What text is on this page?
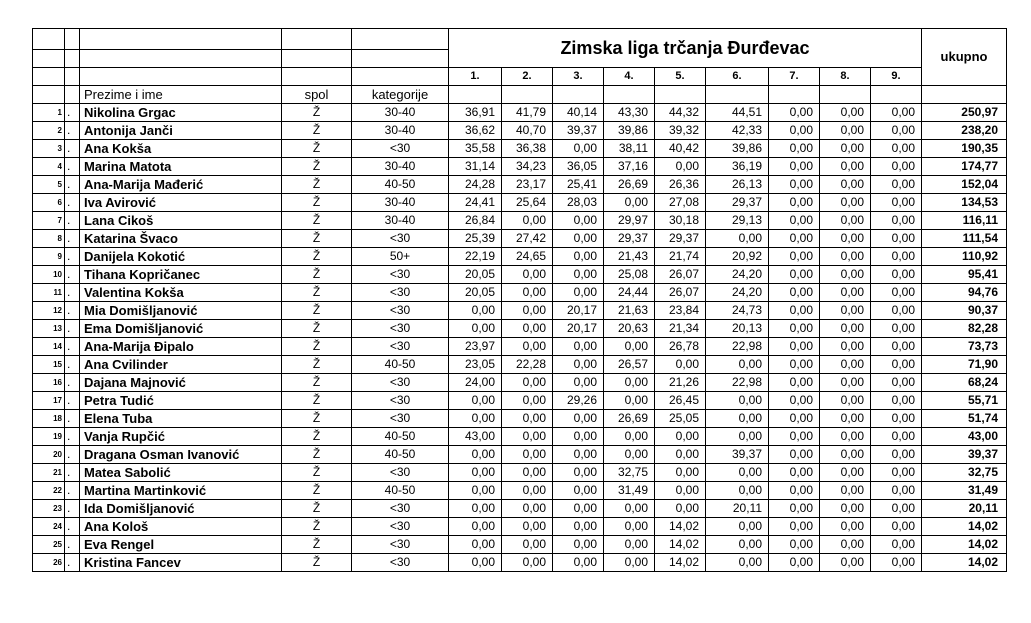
					Zimska liga trčanja Đurđevac									ukupno

					1.	2.	3.	4.	5.	6.	7.	8.	9.	
		Prezime i ime	spol	kategorije										
1	.	Nikolina Grgac	Ž	30-40	36,91	41,79	40,14	43,30	44,32	44,51	0,00	0,00	0,00	250,97
2	.	Antonija Janči	Ž	30-40	36,62	40,70	39,37	39,86	39,32	42,33	0,00	0,00	0,00	238,20
3	.	Ana Kokša	Ž	<30	35,58	36,38	0,00	38,11	40,42	39,86	0,00	0,00	0,00	190,35
4	.	Marina Matota	Ž	30-40	31,14	34,23	36,05	37,16	0,00	36,19	0,00	0,00	0,00	174,77
5	.	Ana-Marija Mađerić	Ž	40-50	24,28	23,17	25,41	26,69	26,36	26,13	0,00	0,00	0,00	152,04
6	.	Iva Avirović	Ž	30-40	24,41	25,64	28,03	0,00	27,08	29,37	0,00	0,00	0,00	134,53
7	.	Lana Cikoš	Ž	30-40	26,84	0,00	0,00	29,97	30,18	29,13	0,00	0,00	0,00	116,11
8	.	Katarina Švaco	Ž	<30	25,39	27,42	0,00	29,37	29,37	0,00	0,00	0,00	0,00	111,54
9	.	Danijela Kokotić	Ž	50+	22,19	24,65	0,00	21,43	21,74	20,92	0,00	0,00	0,00	110,92
10	.	Tihana Kopričanec	Ž	<30	20,05	0,00	0,00	25,08	26,07	24,20	0,00	0,00	0,00	95,41
11	.	Valentina Kokša	Ž	<30	20,05	0,00	0,00	24,44	26,07	24,20	0,00	0,00	0,00	94,76
12	.	Mia Domišljanović	Ž	<30	0,00	0,00	20,17	21,63	23,84	24,73	0,00	0,00	0,00	90,37
13	.	Ema Domišljanović	Ž	<30	0,00	0,00	20,17	20,63	21,34	20,13	0,00	0,00	0,00	82,28
14	.	Ana-Marija Đipalo	Ž	<30	23,97	0,00	0,00	0,00	26,78	22,98	0,00	0,00	0,00	73,73
15	.	Ana Cvilinder	Ž	40-50	23,05	22,28	0,00	26,57	0,00	0,00	0,00	0,00	0,00	71,90
16	.	Dajana Majnović	Ž	<30	24,00	0,00	0,00	0,00	21,26	22,98	0,00	0,00	0,00	68,24
17	.	Petra Tudić	Ž	<30	0,00	0,00	29,26	0,00	26,45	0,00	0,00	0,00	0,00	55,71
18	.	Elena Tuba	Ž	<30	0,00	0,00	0,00	26,69	25,05	0,00	0,00	0,00	0,00	51,74
19	.	Vanja Rupčić	Ž	40-50	43,00	0,00	0,00	0,00	0,00	0,00	0,00	0,00	0,00	43,00
20	.	Dragana Osman Ivanović	Ž	40-50	0,00	0,00	0,00	0,00	0,00	39,37	0,00	0,00	0,00	39,37
21	.	Matea Sabolić	Ž	<30	0,00	0,00	0,00	32,75	0,00	0,00	0,00	0,00	0,00	32,75
22	.	Martina Martinković	Ž	40-50	0,00	0,00	0,00	31,49	0,00	0,00	0,00	0,00	0,00	31,49
23	.	Ida Domišljanović	Ž	<30	0,00	0,00	0,00	0,00	0,00	20,11	0,00	0,00	0,00	20,11
24	.	Ana Kološ	Ž	<30	0,00	0,00	0,00	0,00	14,02	0,00	0,00	0,00	0,00	14,02
25	.	Eva Rengel	Ž	<30	0,00	0,00	0,00	0,00	14,02	0,00	0,00	0,00	0,00	14,02
26	.	Kristina Fancev	Ž	<30	0,00	0,00	0,00	0,00	14,02	0,00	0,00	0,00	0,00	14,02
